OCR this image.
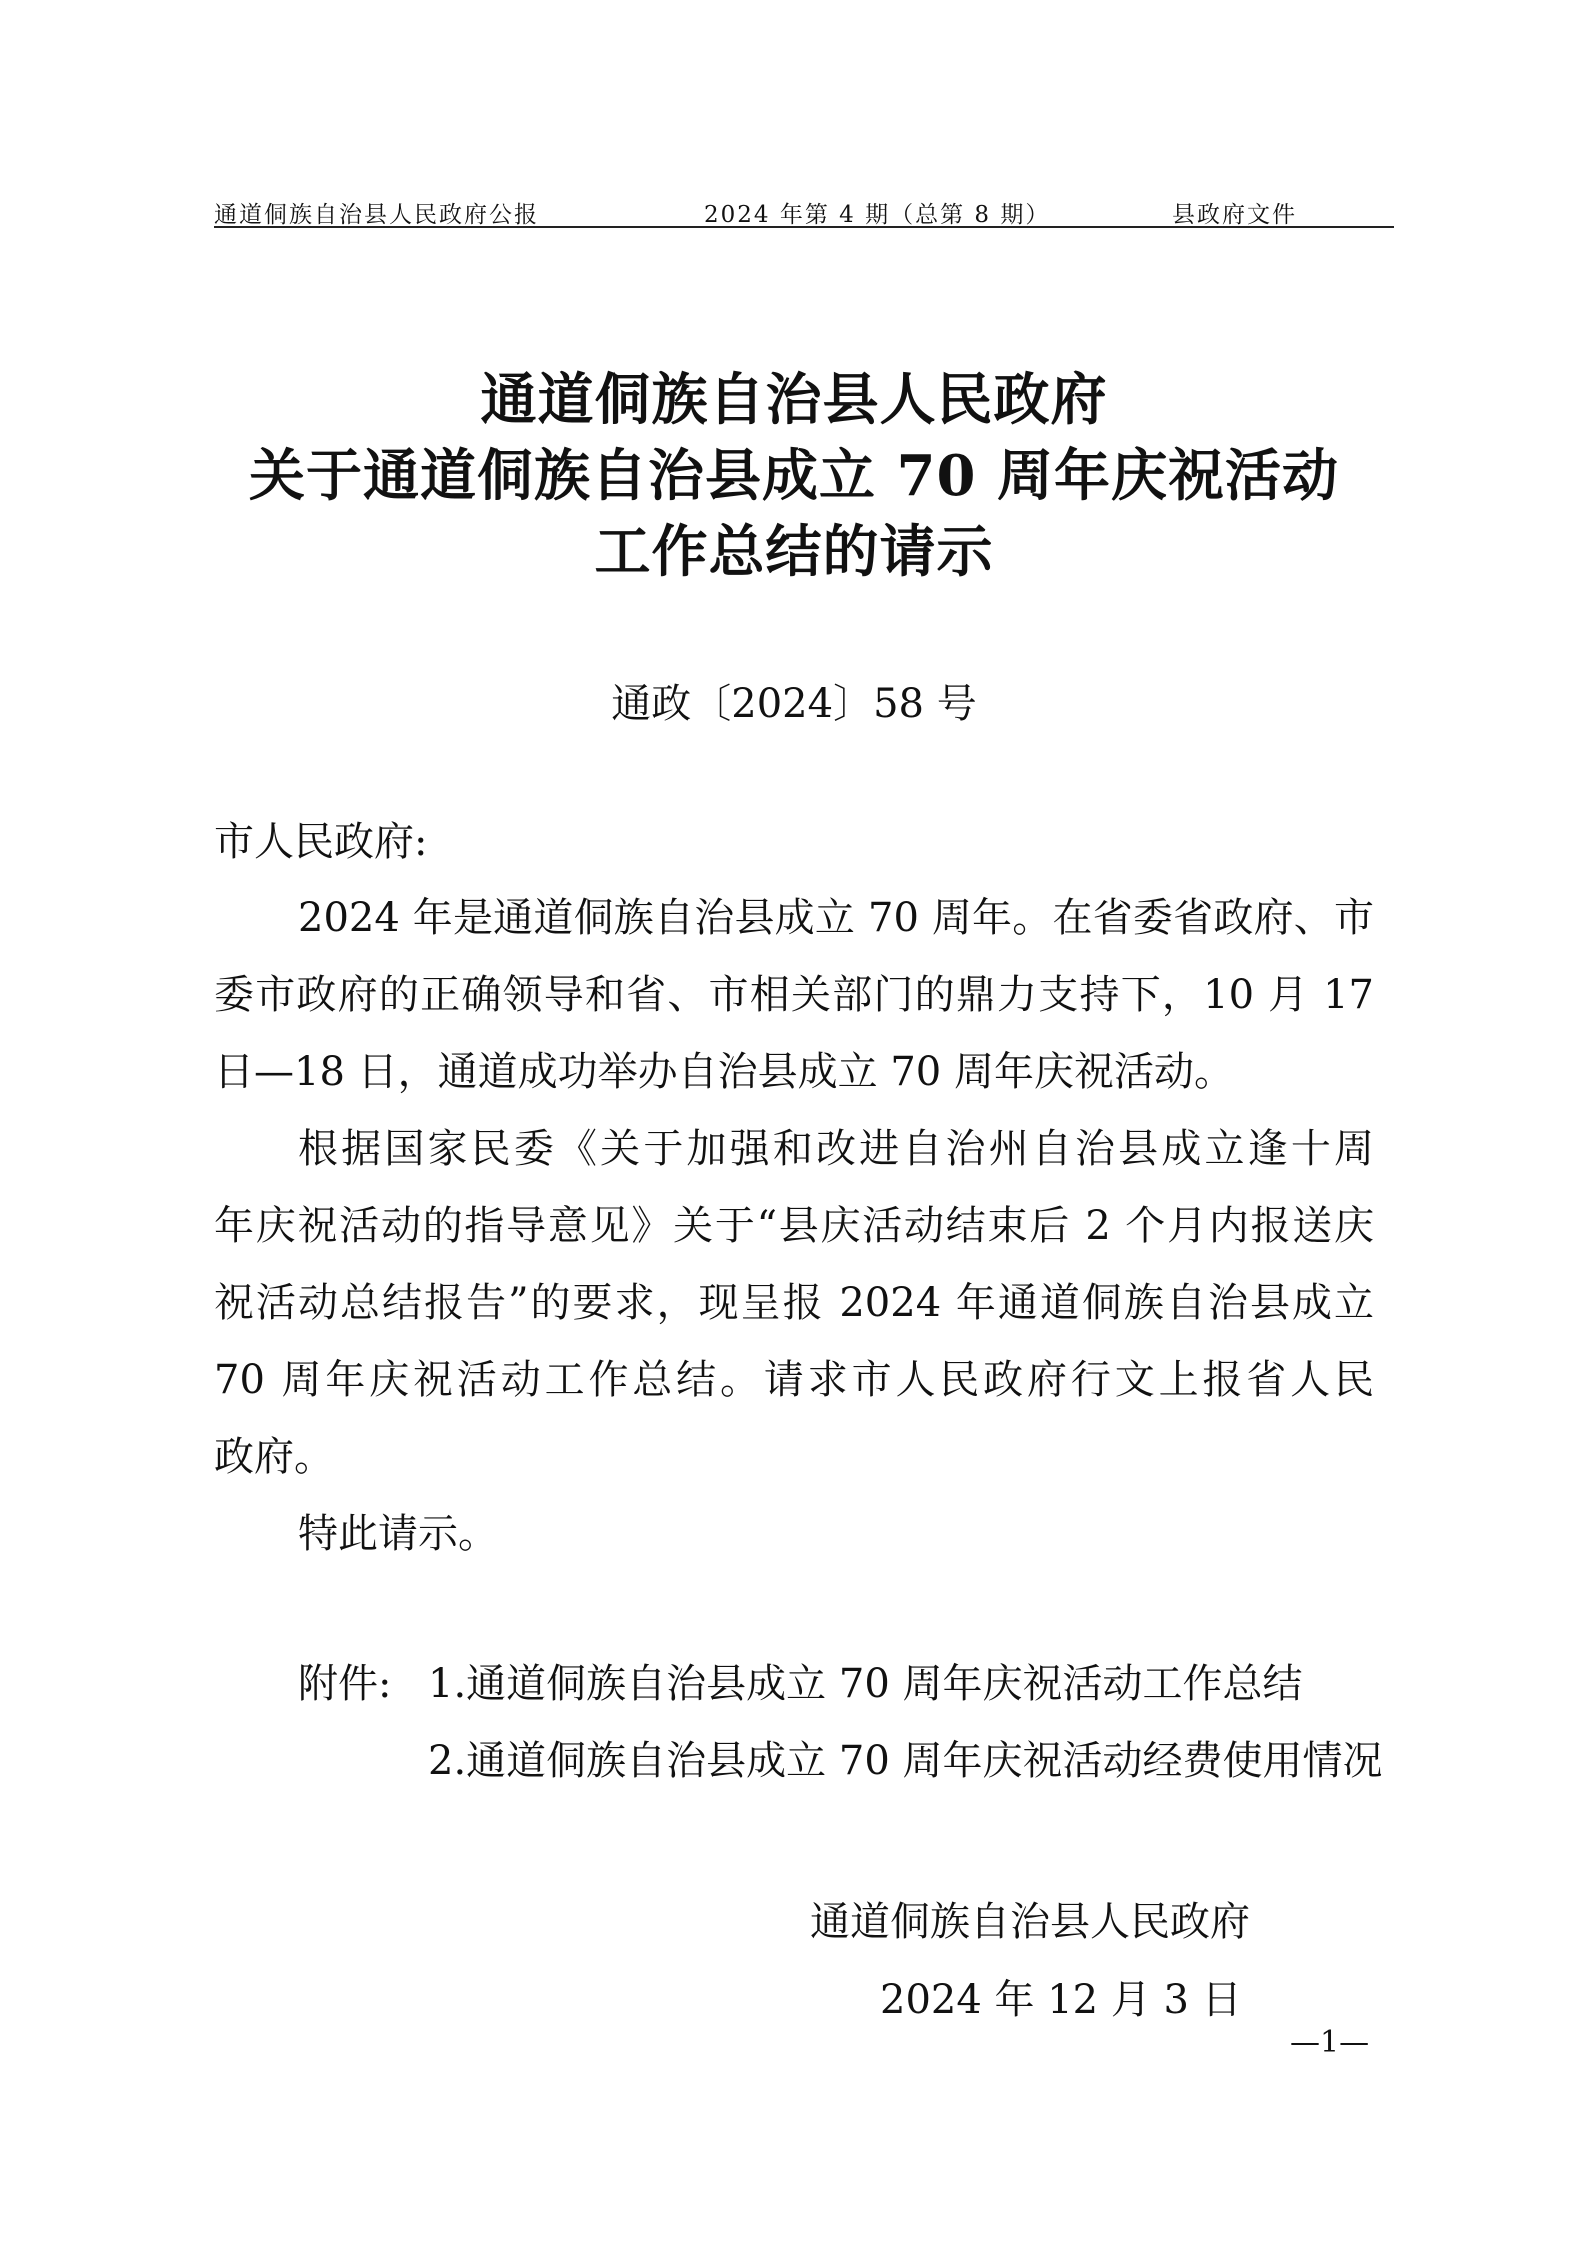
通道侗族自治县人民政府公报	2024 年第 4 期（总第 8 期）	县政府文件
通道侗族自治县人民政府
关于通道侗族自治县成立 70 周年庆祝活动
工作总结的请示
通政〔2024〕58 号
市人民政府:
2024 年是通道侗族自治县成立 70 周年。在省委省政府、市
委市政府的正确领导和省、市相关部门的鼎力支持下，10 月 17
日—18 日，通道成功举办自治县成立 70 周年庆祝活动。
根据国家民委《关于加强和改进自治州自治县成立逢十周
年庆祝活动的指导意见》关于“县庆活动结束后 2 个月内报送庆
祝活动总结报告”的要求，现呈报 2024 年通道侗族自治县成立
70 周年庆祝活动工作总结。请求市人民政府行文上报省人民
政府。
特此请示。
附件: 1.通道侗族自治县成立 70 周年庆祝活动工作总结
2.通道侗族自治县成立 70 周年庆祝活动经费使用情况
通道侗族自治县人民政府
2024 年 12 月 3 日
—1—
